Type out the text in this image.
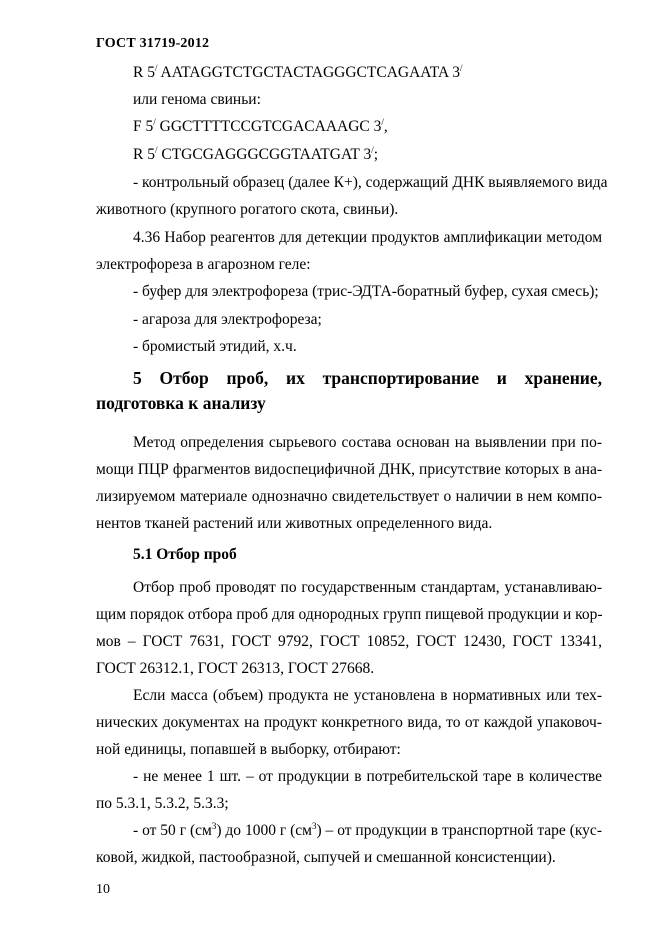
ГОСТ 31719-2012
R 5/ AATAGGTCTGCTACTAGGGCTCAGAATA 3/
или генома свиньи:
F 5/ GGCTTTTCCGTCGACAAAGC 3/,
R 5/ CTGCGAGGGCGGTAATGAT 3/;
- контрольный образец (далее К+), содержащий ДНК выявляемого вида
животного (крупного рогатого скота, свиньи).
4.36 Набор реагентов для детекции продуктов амплификации методом
электрофореза в агарозном геле:
- буфер для электрофореза (трис-ЭДТА-боратный буфер, сухая смесь);
- агароза для электрофореза;
- бромистый этидий, х.ч.
5 Отбор проб, их транспортирование и хранение,
подготовка к анализу
Метод определения сырьевого состава основан на выявлении при по-
мощи ПЦР фрагментов видоспецифичной ДНК, присутствие которых в ана-
лизируемом материале однозначно свидетельствует о наличии в нем компо-
нентов тканей растений или животных определенного вида.
5.1 Отбор проб
Отбор проб проводят по государственным стандартам, устанавливаю-
щим порядок отбора проб для однородных групп пищевой продукции и кор-
мов – ГОСТ 7631, ГОСТ 9792, ГОСТ 10852, ГОСТ 12430, ГОСТ 13341,
ГОСТ 26312.1, ГОСТ 26313, ГОСТ 27668.
Если масса (объем) продукта не установлена в нормативных или тех-
нических документах на продукт конкретного вида, то от каждой упаковоч-
ной единицы, попавшей в выборку, отбирают:
- не менее 1 шт. – от продукции в потребительской таре в количестве
по 5.3.1, 5.3.2, 5.3.3;
- от 50 г $(см^3)$ до 1000 г $(см^3)$ – от продукции в транспортной таре (кус-
ковой, жидкой, пастообразной, сыпучей и смешанной консистенции).
10
